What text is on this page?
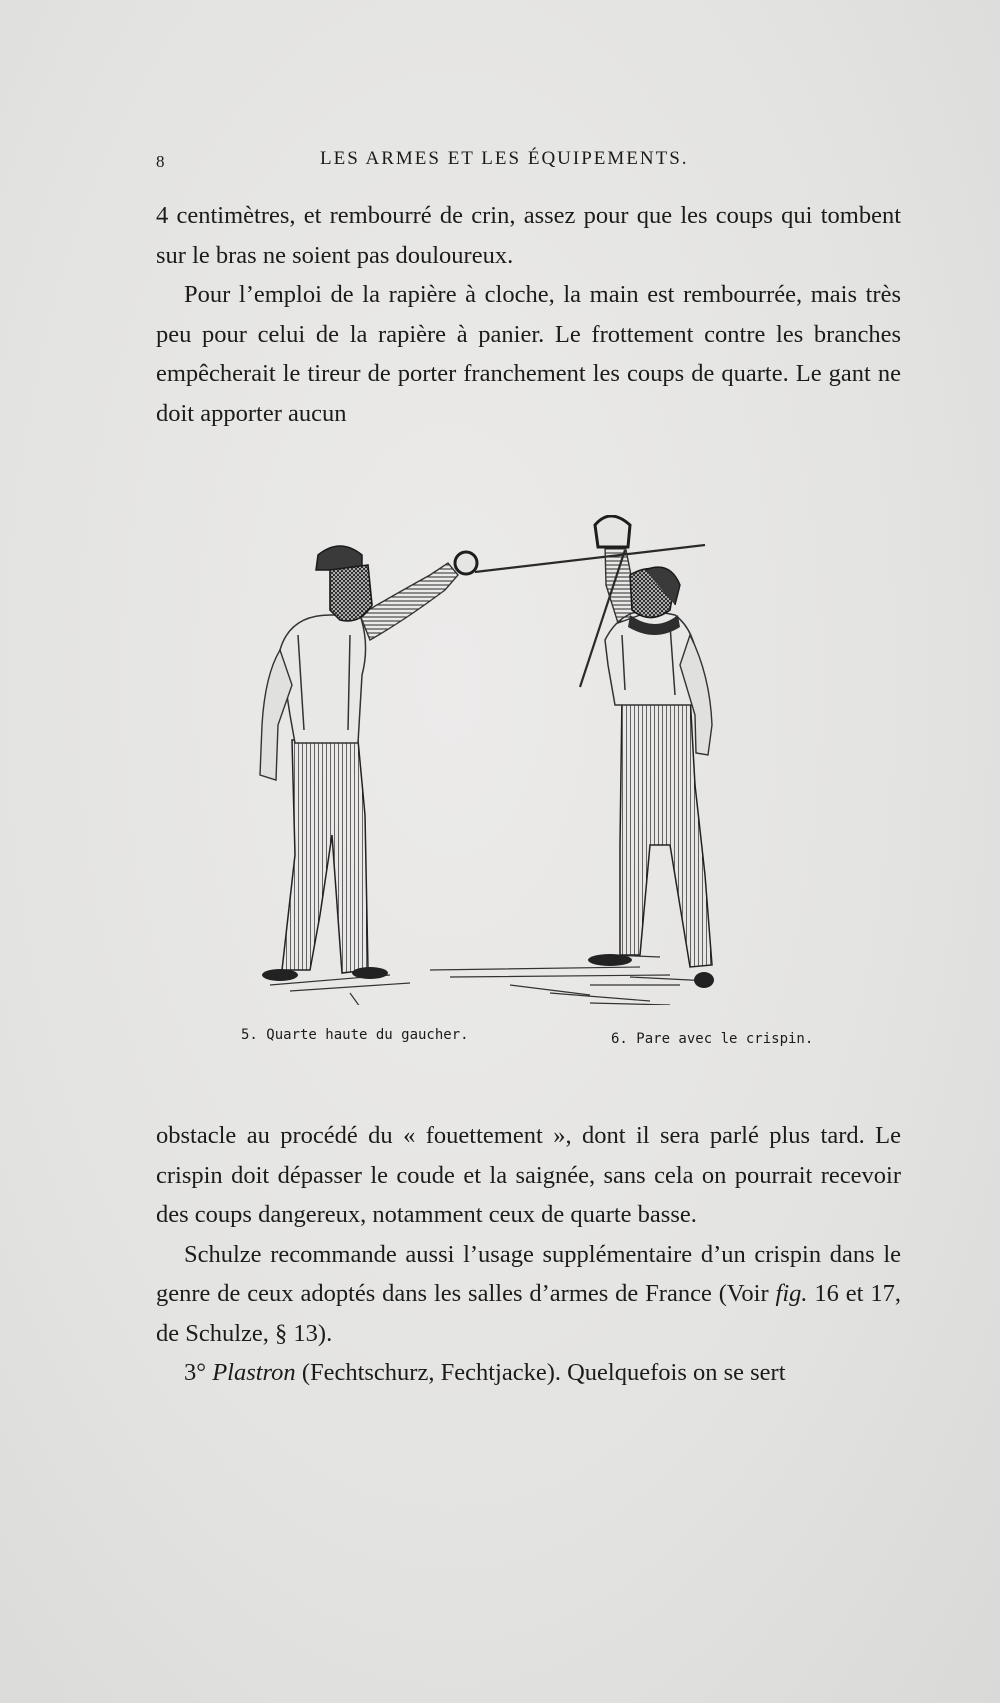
8	LES ARMES ET LES ÉQUIPEMENTS.

4 centimètres, et rembourré de crin, assez pour que les coups qui tombent sur le bras ne soient pas douloureux.

Pour l’emploi de la rapière à cloche, la main est rembourrée, mais très peu pour celui de la rapière à panier. Le frottement contre les branches empêcherait le tireur de porter franchement les coups de quarte. Le gant ne doit apporter aucun

5. Quarte haute du gaucher.	6. Pare avec le crispin.

obstacle au procédé du « fouettement », dont il sera parlé plus tard. Le crispin doit dépasser le coude et la saignée, sans cela on pourrait recevoir des coups dangereux, notamment ceux de quarte basse.

Schulze recommande aussi l’usage supplémentaire d’un crispin dans le genre de ceux adoptés dans les salles d’armes de France (Voir fig. 16 et 17, de Schulze, § 13).

3° Plastron (Fechtschurz, Fechtjacke). Quelquefois on se sert
